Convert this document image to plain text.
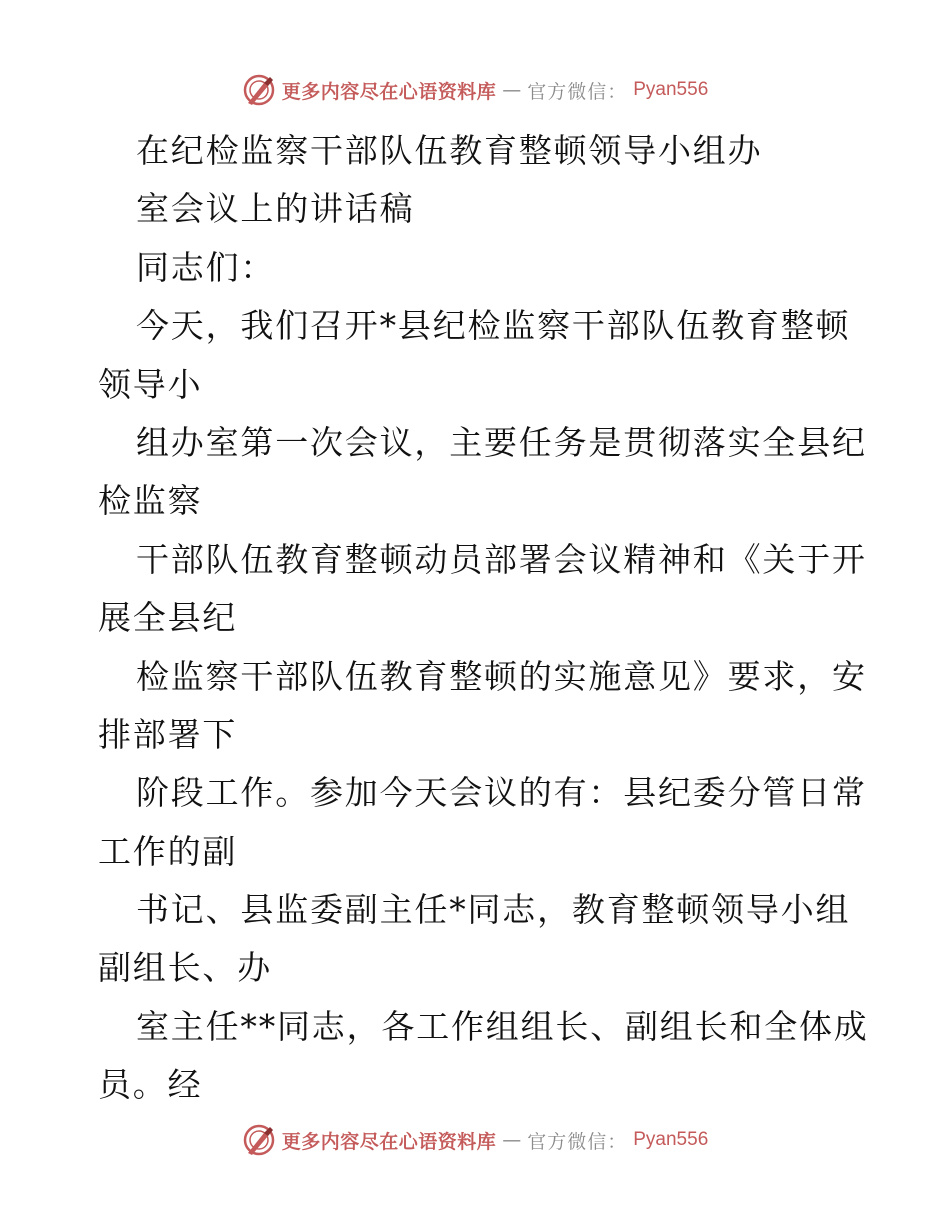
更多内容尽在心语资料库 — 官方微信： Pyan556
在纪检监察干部队伍教育整顿领导小组办
室会议上的讲话稿
同志们：
今天，我们召开*县纪检监察干部队伍教育整顿
领导小
组办室第一次会议，主要任务是贯彻落实全县纪
检监察
干部队伍教育整顿动员部署会议精神和《关于开
展全县纪
检监察干部队伍教育整顿的实施意见》要求，安
排部署下
阶段工作。参加今天会议的有：县纪委分管日常
工作的副
书记、县监委副主任*同志，教育整顿领导小组
副组长、办
室主任**同志，各工作组组长、副组长和全体成
员。经
更多内容尽在心语资料库 — 官方微信： Pyan556
